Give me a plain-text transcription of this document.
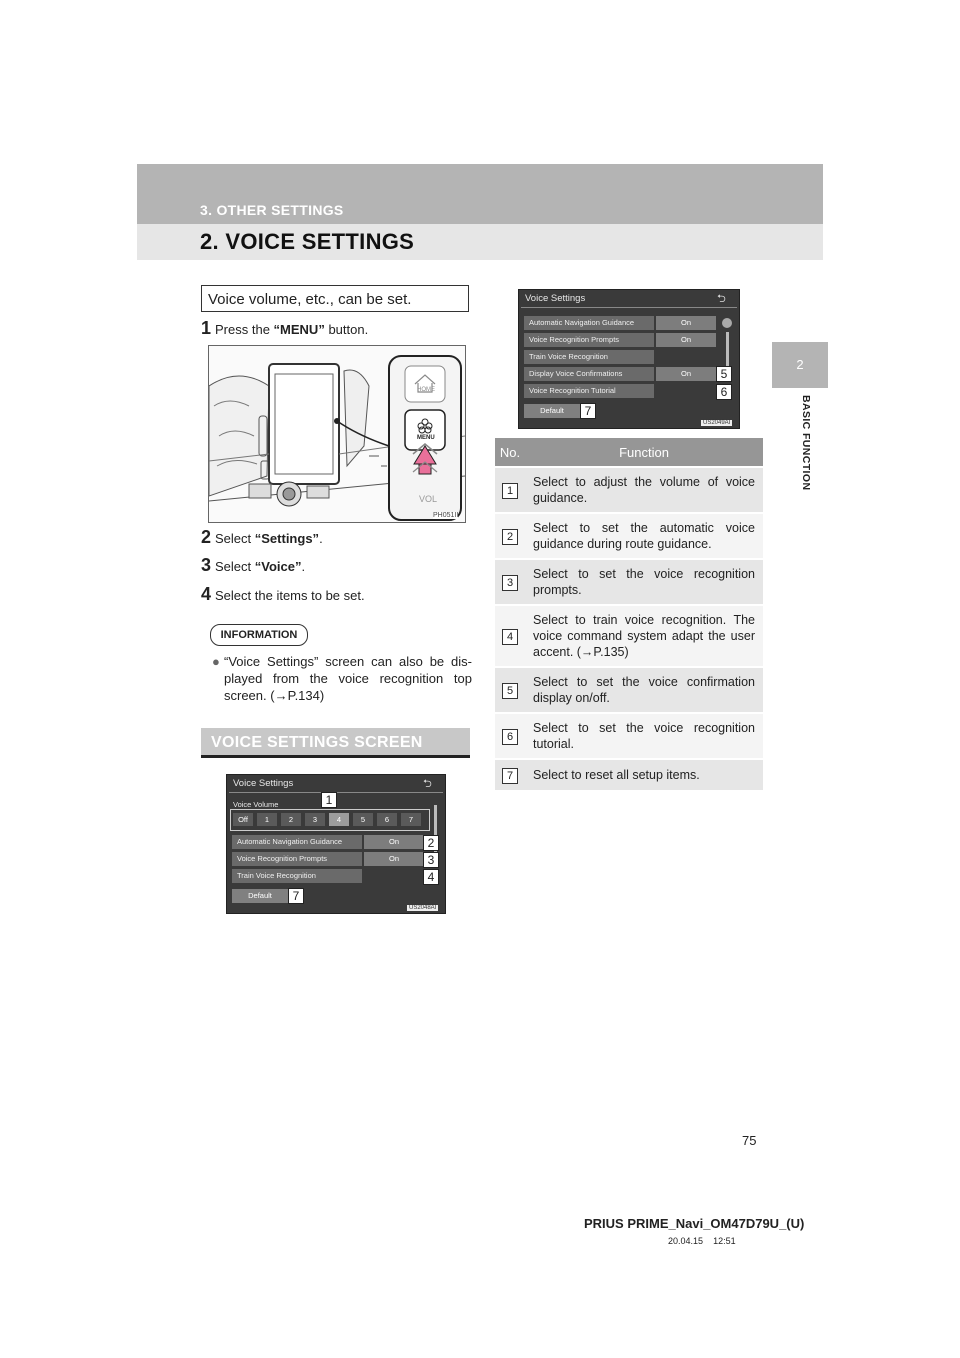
3. OTHER SETTINGS
2. VOICE SETTINGS
2
BASIC FUNCTION
Voice volume, etc., can be set.
1 Press the “MENU” button.
HOME
MENU
VOL
PH051II
2 Select “Settings”.
3 Select “Voice”.
4 Select the items to be set.
INFORMATION
● “Voice Settings” screen can also be dis-played from the voice recognition top screen. (→P.134)
VOICE SETTINGS SCREEN
Voice Settings	⮌
Voice Volume
Off	1	2	3	4	5	6	7
Automatic Navigation Guidance	On
Voice Recognition Prompts	On
Train Voice Recognition
Default
1
2
3
4
7
US2048AI
Voice Settings	⮌
Automatic Navigation Guidance	On
Voice Recognition Prompts	On
Train Voice Recognition
Display Voice Confirmations	On
Voice Recognition Tutorial
Default
5
6
7
US2049AI
No.	Function
1	Select to adjust the volume of voice guidance.
2	Select to set the automatic voice guidance during route guidance.
3	Select to set the voice recognition prompts.
4	Select to train voice recognition. The voice command system adapt the user accent. (→P.135)
5	Select to set the voice confirmation display on/off.
6	Select to set the voice recognition tutorial.
7	Select to reset all setup items.
75
PRIUS PRIME_Navi_OM47D79U_(U)
20.04.15 12:51
